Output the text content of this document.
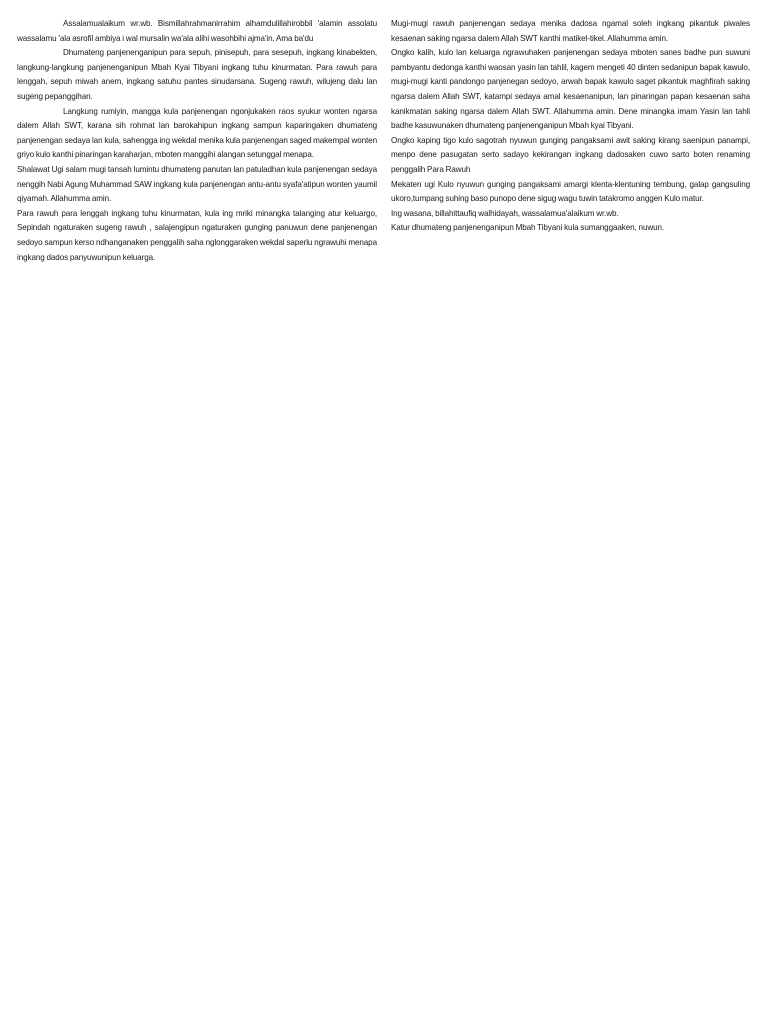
Assalamualaikum wr.wb. Bismillahrahmanirrahim alhamdulillahirobbil 'alamin assolatu wassalamu 'ala asrofil ambiya i wal mursalin wa'ala alihi wasohbihi ajma'in, Ama ba'du

Dhumateng panjenenganipun para sepuh, pinisepuh, para sesepuh, ingkang kinabekten, langkung-langkung panjenenganipun Mbah Kyai Tibyani ingkang tuhu kinurmatan. Para rawuh para lenggah, sepuh miwah anem, ingkang satuhu pantes sinudarsana. Sugeng rawuh, wilujeng dalu lan sugeng pepanggihan.

Langkung rumiyin, mangga kula panjenengan ngonjukaken raos syukur wonten ngarsa dalem Allah SWT, karana sih rohmat lan barokahipun ingkang sampun kaparingaken dhumateng panjenengan sedaya lan kula, sahengga ing wekdal menika kula panjenengan saged makempal wonten griyo kulo kanthi pinaringan karaharjan, mboten manggihi alangan setunggal menapa.

Shalawat Ugi salam mugi tansah lumintu dhumateng panutan lan patuladhan kula panjenengan sedaya nenggih Nabi Agung Muhammad SAW ingkang kula panjenengan antu-antu syafa'atipun wonten yaumil qiyamah. Allahumma amin.

Para rawuh para lenggah ingkang tuhu kinurmatan, kula ing mriki minangka talanging atur keluargo, Sepindah ngaturaken sugeng rawuh , salajengipun ngaturaken gunging panuwun dene panjenengan sedoyo sampun kerso ndhanganaken penggalih saha nglonggaraken wekdal saperlu ngrawuhi menapa ingkang dados panyuwunipun keluarga.

Mugi-mugi rawuh panjenengan sedaya menika dadosa ngamal soleh ingkang pikantuk piwales kesaenan saking ngarsa dalem Allah SWT kanthi matikel-tikel. Allahumma amin.

Ongko kalih, kulo lan keluarga ngrawuhaken panjenengan sedaya mboten sanes badhe pun suwuni pambyantu dedonga kanthi waosan yasin lan tahlil, kagem mengeti 40 dinten sedanipun bapak kawulo, mugi-mugi kanti pandongo panjenegan sedoyo, arwah bapak kawulo saget pikantuk maghfirah saking ngarsa dalem Allah SWT, katampi sedaya amal kesaenanipun, lan pinaringan papan kesaenan saha kanikmatan saking ngarsa dalem Allah SWT. Allahumma amin. Dene minangka imam Yasin lan tahli badhe kasuwunaken dhumateng panjenenganipun Mbah kyai Tibyani.

Ongko kaping tigo kulo sagotrah nyuwun gunging pangaksami awit saking kirang saenipun panampi, menpo dene pasugatan serto sadayo kekirangan ingkang dadosaken cuwo sarto boten renaming penggalih Para Rawuh

Mekaten ugi Kulo nyuwun gunging pangaksami amargi klenta-klentuning tembung, galap gangsuling ukoro,tumpang suhing baso punopo dene sigug wagu tuwin tatakromo anggen Kulo matur.

Ing wasana, billahittaufiq walhidayah, wassalamua'alaikum wr.wb.

Katur dhumateng panjenenganipun Mbah Tibyani kula sumanggaaken, nuwun.
